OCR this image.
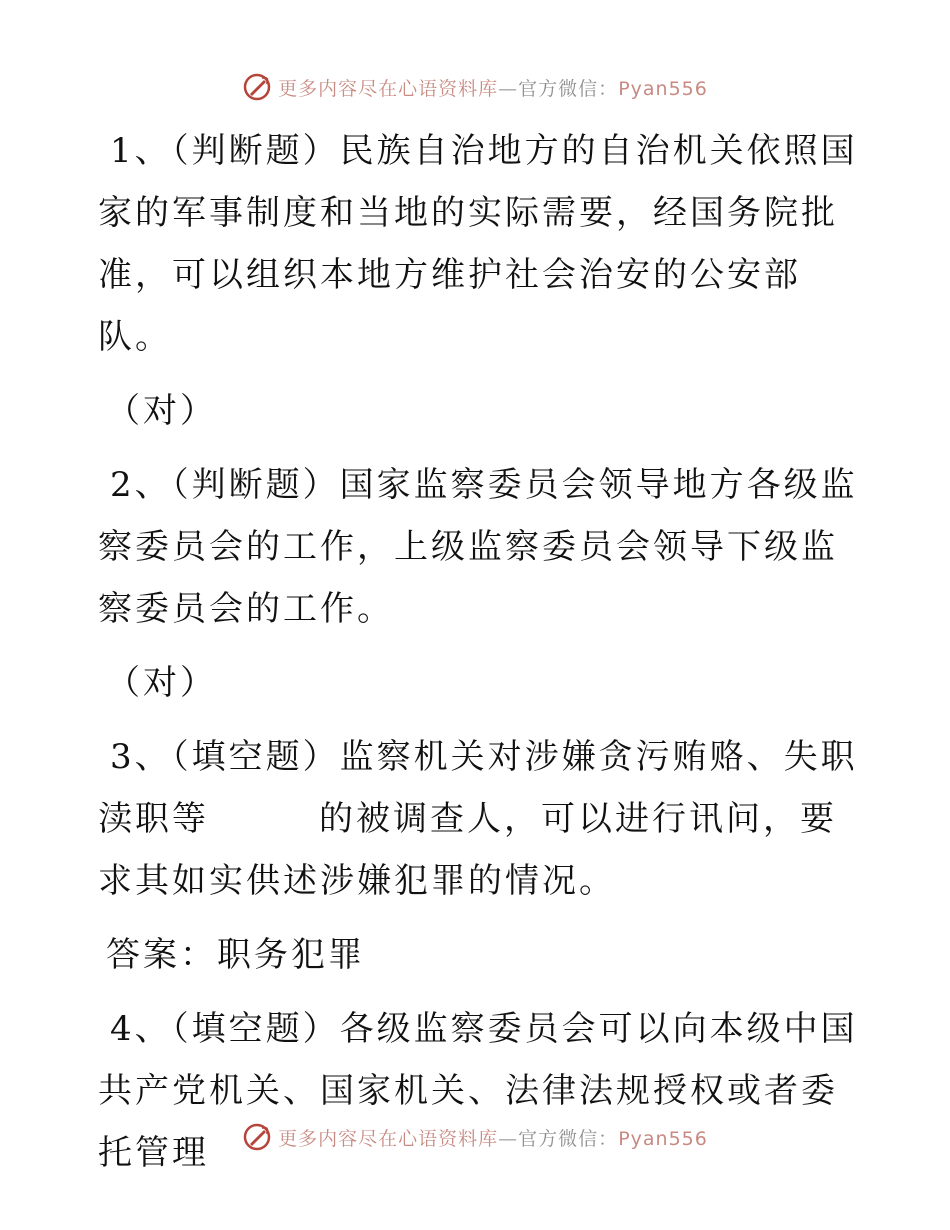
更多内容尽在心语资料库—官方微信：Pyan556

1、（判断题）民族自治地方的自治机关依照国家的军事制度和当地的实际需要，经国务院批准，可以组织本地方维护社会治安的公安部队。

（对）

2、（判断题）国家监察委员会领导地方各级监察委员会的工作，上级监察委员会领导下级监察委员会的工作。

（对）

3、（填空题）监察机关对涉嫌贪污贿赂、失职渎职等	的被调查人，可以进行讯问，要求其如实供述涉嫌犯罪的情况。

答案：职务犯罪

4、（填空题）各级监察委员会可以向本级中国共产党机关、国家机关、法律法规授权或者委托管理	更多内容尽在心语资料库—官方微信：Pyan556
